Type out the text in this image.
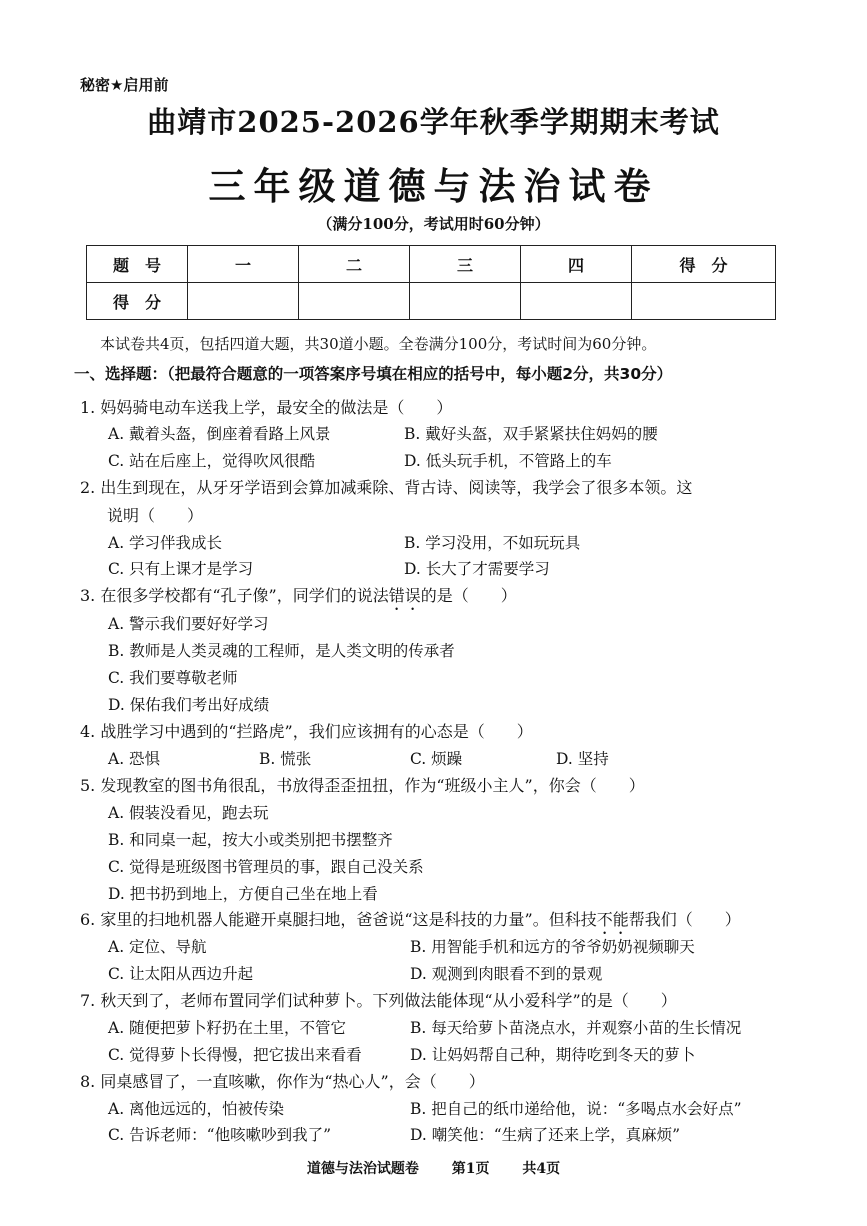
秘密★启用前
曲靖市2025-2026学年秋季学期期末考试
三年级道德与法治试卷
（满分100分，考试用时60分钟）
题　号	一	二	三	四	得　分
得　分					
本试卷共4页，包括四道大题，共30道小题。全卷满分100分，考试时间为60分钟。
一、选择题：（把最符合题意的一项答案序号填在相应的括号中，每小题2分，共30分）
1. 妈妈骑电动车送我上学，最安全的做法是（　　）
A. 戴着头盔，倒座着看路上风景	B. 戴好头盔，双手紧紧扶住妈妈的腰
C. 站在后座上，觉得吹风很酷	D. 低头玩手机，不管路上的车
2. 出生到现在，从牙牙学语到会算加减乘除、背古诗、阅读等，我学会了很多本领。这
说明（　　）
A. 学习伴我成长	B. 学习没用，不如玩玩具
C. 只有上课才是学习	D. 长大了才需要学习
3. 在很多学校都有“孔子像”，同学们的说法错误的是（　　）
A. 警示我们要好好学习
B. 教师是人类灵魂的工程师，是人类文明的传承者
C. 我们要尊敬老师
D. 保佑我们考出好成绩
4. 战胜学习中遇到的“拦路虎”，我们应该拥有的心态是（　　）
A. 恐惧	B. 慌张	C. 烦躁	D. 坚持
5. 发现教室的图书角很乱，书放得歪歪扭扭，作为“班级小主人”，你会（　　）
A. 假装没看见，跑去玩
B. 和同桌一起，按大小或类别把书摆整齐
C. 觉得是班级图书管理员的事，跟自己没关系
D. 把书扔到地上，方便自己坐在地上看
6. 家里的扫地机器人能避开桌腿扫地，爸爸说“这是科技的力量”。但科技不能帮我们（　　）
A. 定位、导航	B. 用智能手机和远方的爷爷奶奶视频聊天
C. 让太阳从西边升起	D. 观测到肉眼看不到的景观
7. 秋天到了，老师布置同学们试种萝卜。下列做法能体现“从小爱科学”的是（　　）
A. 随便把萝卜籽扔在土里，不管它	B. 每天给萝卜苗浇点水，并观察小苗的生长情况
C. 觉得萝卜长得慢，把它拔出来看看	D. 让妈妈帮自己种，期待吃到冬天的萝卜
8. 同桌感冒了，一直咳嗽，你作为“热心人”，会（　　）
A. 离他远远的，怕被传染	B. 把自己的纸巾递给他，说：“多喝点水会好点”
C. 告诉老师：“他咳嗽吵到我了”	D. 嘲笑他：“生病了还来上学，真麻烦”
道德与法治试题卷 第1页 共4页
